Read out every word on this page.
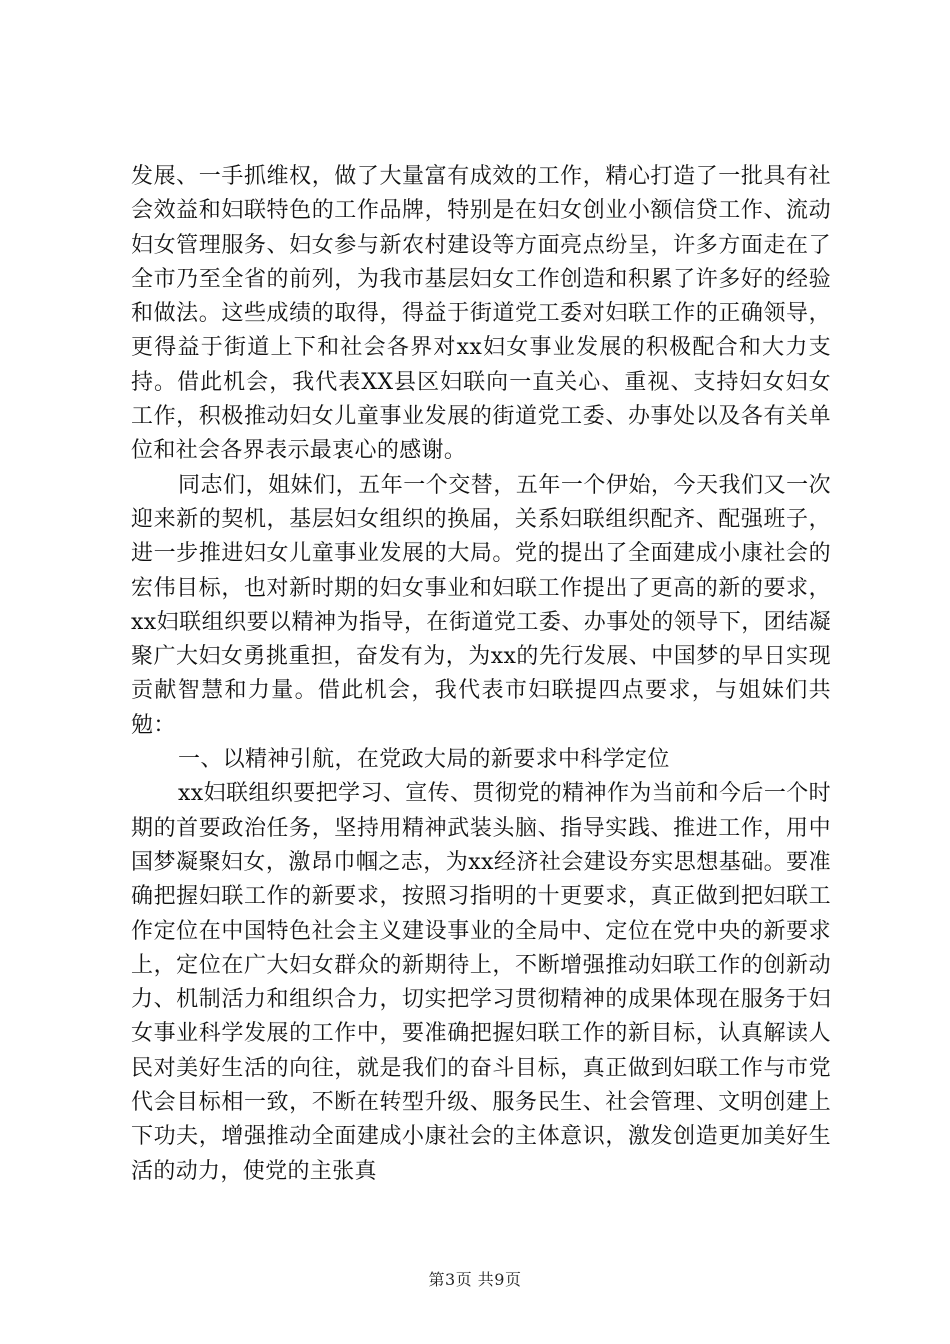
发展、一手抓维权，做了大量富有成效的工作，精心打造了一批具有社会效益和妇联特色的工作品牌，特别是在妇女创业小额信贷工作、流动妇女管理服务、妇女参与新农村建设等方面亮点纷呈，许多方面走在了全市乃至全省的前列，为我市基层妇女工作创造和积累了许多好的经验和做法。这些成绩的取得，得益于街道党工委对妇联工作的正确领导，更得益于街道上下和社会各界对xx妇女事业发展的积极配合和大力支持。借此机会，我代表XX县区妇联向一直关心、重视、支持妇女妇女工作，积极推动妇女儿童事业发展的街道党工委、办事处以及各有关单位和社会各界表示最衷心的感谢。

同志们，姐妹们，五年一个交替，五年一个伊始，今天我们又一次迎来新的契机，基层妇女组织的换届，关系妇联组织配齐、配强班子，进一步推进妇女儿童事业发展的大局。党的提出了全面建成小康社会的宏伟目标，也对新时期的妇女事业和妇联工作提出了更高的新的要求，xx妇联组织要以精神为指导，在街道党工委、办事处的领导下，团结凝聚广大妇女勇挑重担，奋发有为，为xx的先行发展、中国梦的早日实现贡献智慧和力量。借此机会，我代表市妇联提四点要求，与姐妹们共勉：

一、以精神引航，在党政大局的新要求中科学定位

xx妇联组织要把学习、宣传、贯彻党的精神作为当前和今后一个时期的首要政治任务，坚持用精神武装头脑、指导实践、推进工作，用中国梦凝聚妇女，激昂巾帼之志，为xx经济社会建设夯实思想基础。要准确把握妇联工作的新要求，按照习指明的十更要求，真正做到把妇联工作定位在中国特色社会主义建设事业的全局中、定位在党中央的新要求上，定位在广大妇女群众的新期待上，不断增强推动妇联工作的创新动力、机制活力和组织合力，切实把学习贯彻精神的成果体现在服务于妇女事业科学发展的工作中，要准确把握妇联工作的新目标，认真解读人民对美好生活的向往，就是我们的奋斗目标，真正做到妇联工作与市党代会目标相一致，不断在转型升级、服务民生、社会管理、文明创建上下功夫，增强推动全面建成小康社会的主体意识，激发创造更加美好生活的动力，使党的主张真

第3页 共9页
